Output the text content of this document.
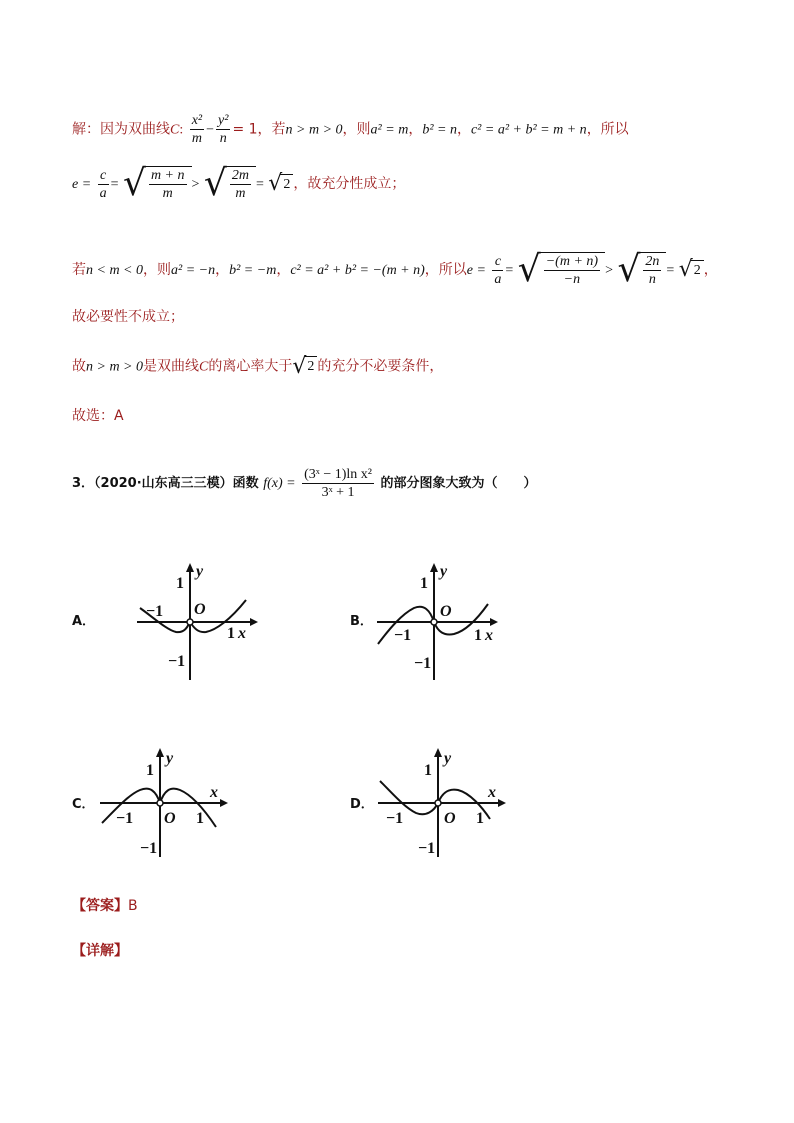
解：因为双曲线C: $\frac{\text{x²}}{m} - \frac{\text{y²}}{n} = 1$，若n > m > 0，则a² = m，b² = n，c² = a² + b² = m + n，所以
$e = \frac{c}{a}$ = √ $\frac{m + n}{m}$ > √ $\frac{2m}{m} = √2$ ，故充分性成立；
若n < m < 0，则a² = −n，b² = −m，c² = a² + b² = −(m + n)，所以$e = \frac{c}{a}$ = √ $\frac{-(m + n)}{-n}$ > √ $\frac{2n}{n} = √2$ ，
故必要性不成立；
故n > m > 0是双曲线C的离心率大于√2 的充分不必要条件，
故选：A
3．（2020·山东高三三模）函数 $f(x) = \frac{\text{(3ˣ − 1)ln x²}}{\text{3ˣ + 1}}$ 的部分图象大致为（　　）
A．	B．
C．	D．
y
1
−1 O
1 x
−1
y
1
O
−1	1 x
−1
y
1
x
−1 O 1
−1
y
1
x
−1	O 1
−1
【答案】B
【详解】
